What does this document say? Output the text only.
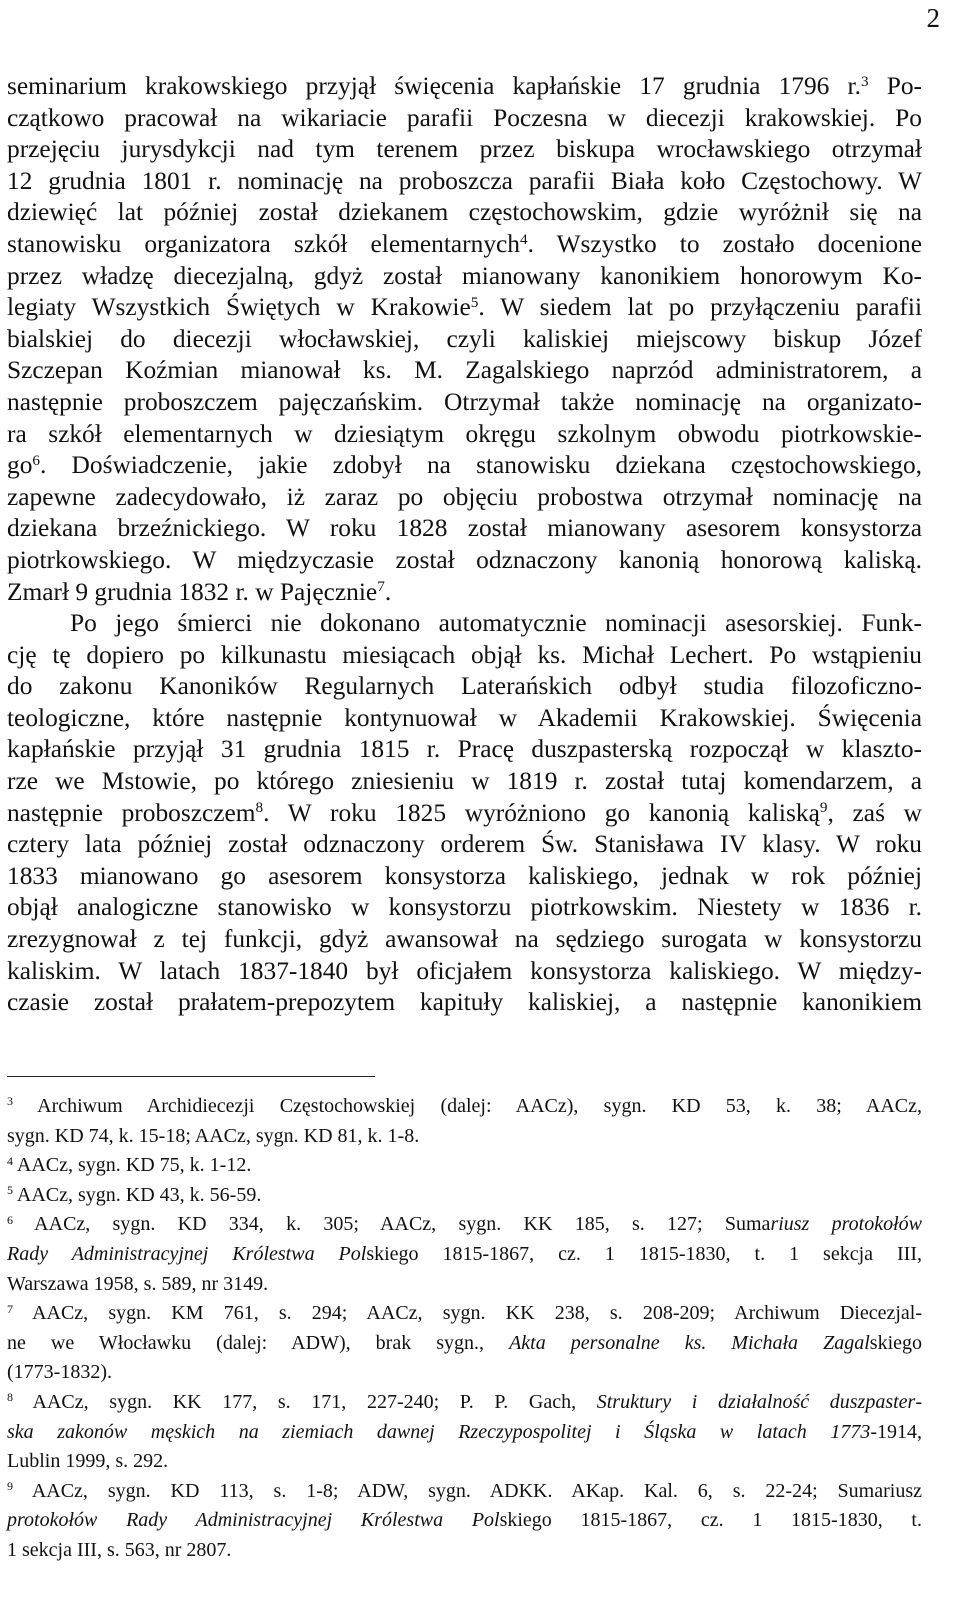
2
seminarium krakowskiego przyjął święcenia kapłańskie 17 grudnia 1796 r.$^3$ Po-
czątkowo pracował na wikariacie parafii Poczesna w diecezji krakowskiej. Po
przejęciu jurysdykcji nad tym terenem przez biskupa wrocławskiego otrzymał
12 grudnia 1801 r. nominację na proboszcza parafii Biała koło Częstochowy. W
dziewięć lat później został dziekanem częstochowskim, gdzie wyróżnił się na
stanowisku organizatora szkół elementarnych$^4$. Wszystko to zostało docenione
przez władzę diecezjalną, gdyż został mianowany kanonikiem honorowym Ko-
legiaty Wszystkich Świętych w Krakowie$^5$. W siedem lat po przyłączeniu parafii
bialskiej do diecezji włocławskiej, czyli kaliskiej miejscowy biskup Józef
Szczepan Koźmian mianował ks. M. Zagalskiego naprzód administratorem, a
następnie proboszczem pajęczańskim. Otrzymał także nominację na organizato-
ra szkół elementarnych w dziesiątym okręgu szkolnym obwodu piotrkowskie-
$go^6$. Doświadczenie, jakie zdobył na stanowisku dziekana częstochowskiego,
zapewne zadecydowało, iż zaraz po objęciu probostwa otrzymał nominację na
dziekana brzeźnickiego. W roku 1828 został mianowany asesorem konsystorza
piotrkowskiego. W międzyczasie został odznaczony kanonią honorową kaliską.
Zmarł 9 grudnia 1832 r. w Pajęcznie$^7$.
Po jego śmierci nie dokonano automatycznie nominacji asesorskiej. Funk-
cję tę dopiero po kilkunastu miesiącach objął ks. Michał Lechert. Po wstąpieniu
do zakonu Kanoników Regularnych Laterańskich odbył studia filozoficzno-
teologiczne, które następnie kontynuował w Akademii Krakowskiej. Święcenia
kapłańskie przyjął 31 grudnia 1815 r. Pracę duszpasterską rozpoczął w klaszto-
rze we Mstowie, po którego zniesieniu w 1819 r. został tutaj komendarzem, a
następnie proboszczem$^8$. W roku 1825 wyróżniono go kanonią kaliską$^9$, zaś w
cztery lata później został odznaczony orderem Św. Stanisława IV klasy. W roku
1833 mianowano go asesorem konsystorza kaliskiego, jednak w rok później
objął analogiczne stanowisko w konsystorzu piotrkowskim. Niestety w 1836 r.
zrezygnował z tej funkcji, gdyż awansował na sędziego surogata w konsystorzu
kaliskim. W latach 1837-1840 był oficjałem konsystorza kaliskiego. W między-
czasie został prałatem-prepozytem kapituły kaliskiej, a następnie kanonikiem
$^3$ Archiwum Archidiecezji Częstochowskiej (dalej: AACz), sygn. KD 53, k. 38; AACz,
sygn. KD 74, k. 15-18; AACz, sygn. KD 81, k. 1-8.
$^4$ AACz, sygn. KD 75, k. 1-12.
$^5$ AACz, sygn. KD 43, k. 56-59.
$^6$ AACz, sygn. KD 334, k. 305; AACz, sygn. KK 185, s. 127; Sumariusz protokołów
Rady Administracyjnej Królestwa Polskiego 1815-1867, cz. 1 1815-1830, t. 1 sekcja III,
Warszawa 1958, s. 589, nr 3149.
$^7$ AACz, sygn. KM 761, s. 294; AACz, sygn. KK 238, s. 208-209; Archiwum Diecezjal-
ne we Włocławku (dalej: ADW), brak sygn., Akta personalne ks. Michała Zagalskiego
(1773-1832).
$^8$ AACz, sygn. KK 177, s. 171, 227-240; P. P. Gach, Struktury i działalność duszpaster-
ska zakonów męskich na ziemiach dawnej Rzeczypospolitej i Śląska w latach 1773-1914,
Lublin 1999, s. 292.
$^9$ AACz, sygn. KD 113, s. 1-8; ADW, sygn. ADKK. AKap. Kal. 6, s. 22-24; Sumariusz
protokołów Rady Administracyjnej Królestwa Polskiego 1815-1867, cz. 1 1815-1830, t.
1 sekcja III, s. 563, nr 2807.
